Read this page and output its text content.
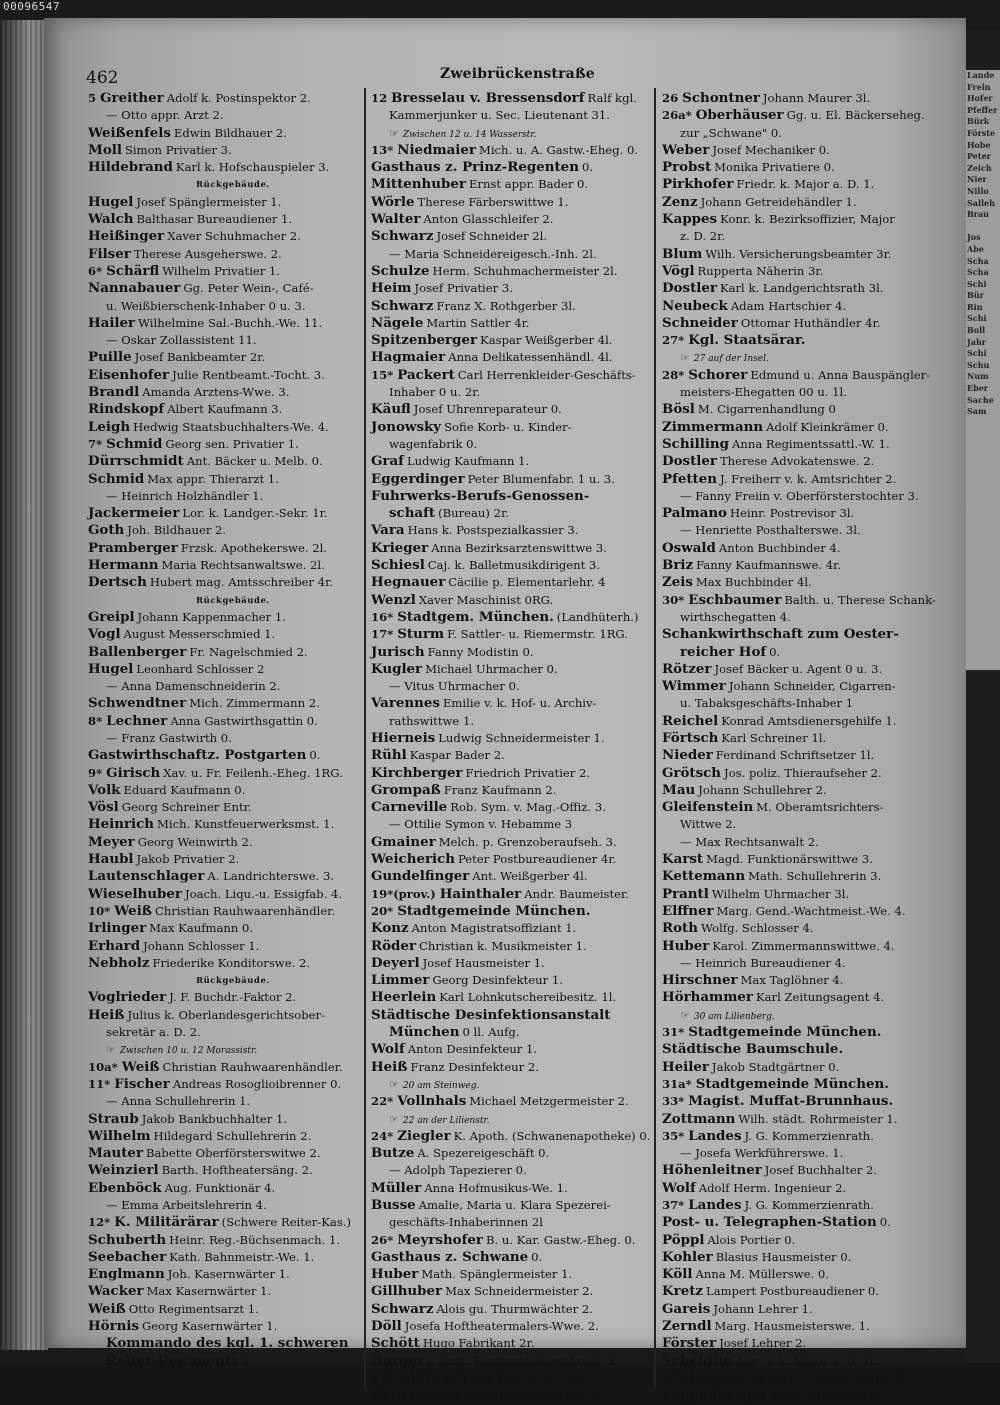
00096547
Lande
Frein
Hofer
Pfeffer
Bürk
Förste
Hobe
Peter
Zeich
Nier
Nillo
Salleh
Brau
Jos
Abe
Scha
Scha
Schi
Bür
Rin
Schi
Boll
Jahr
Schi
Schu
Num
Eber
Sache
Sam
462	Zweibrückenstraße
5 Greither Adolf k. Postinspektor 2.
— Otto appr. Arzt 2.
Weißenfels Edwin Bildhauer 2.
Moll Simon Privatier 3.
Hildebrand Karl k. Hofschauspieler 3.
Rückgebäude.
Hugel Josef Spänglermeister 1.
Walch Balthasar Bureaudiener 1.
Heißinger Xaver Schuhmacher 2.
Filser Therese Ausgeherswe. 2.
6* Schärfl Wilhelm Privatier 1.
Nannabauer Gg. Peter Wein-, Café-
u. Weißbierschenk-Inhaber 0 u. 3.
Hailer Wilhelmine Sal.-Buchh.-We. 11.
— Oskar Zollassistent 11.
Puille Josef Bankbeamter 2r.
Eisenhofer Julie Rentbeamt.-Tocht. 3.
Brandl Amanda Arztens-Wwe. 3.
Rindskopf Albert Kaufmann 3.
Leigh Hedwig Staatsbuchhalters-We. 4.
7* Schmid Georg sen. Privatier 1.
Dürrschmidt Ant. Bäcker u. Melb. 0.
Schmid Max appr. Thierarzt 1.
— Heinrich Holzhändler 1.
Jackermeier Lor. k. Landger.-Sekr. 1r.
Goth Joh. Bildhauer 2.
Pramberger Frzsk. Apothekerswe. 2l.
Hermann Maria Rechtsanwaltswe. 2l.
Dertsch Hubert mag. Amtsschreiber 4r.
Rückgebäude.
Greipl Johann Kappenmacher 1.
Vogl August Messerschmied 1.
Ballenberger Fr. Nagelschmied 2.
Hugel Leonhard Schlosser 2
— Anna Damenschneiderin 2.
Schwendtner Mich. Zimmermann 2.
8* Lechner Anna Gastwirthsgattin 0.
— Franz Gastwirth 0.
Gastwirthschaftz. Postgarten 0.
9* Girisch Xav. u. Fr. Feilenh.-Eheg. 1RG.
Volk Eduard Kaufmann 0.
Vösl Georg Schreiner Entr.
Heinrich Mich. Kunstfeuerwerksmst. 1.
Meyer Georg Weinwirth 2.
Haubl Jakob Privatier 2.
Lautenschlager A. Landrichterswe. 3.
Wieselhuber Joach. Liqu.-u. Essigfab. 4.
10* Weiß Christian Rauhwaarenhändler.
Irlinger Max Kaufmann 0.
Erhard Johann Schlosser 1.
Nebholz Friederike Konditorswe. 2.
Rückgebäude.
Voglrieder J. F. Buchdr.-Faktor 2.
Heiß Julius k. Oberlandesgerichtsober-
sekretär a. D. 2.
☞ Zwischen 10 u. 12 Morassistr.
10a* Weiß Christian Rauhwaarenhändler.
11* Fischer Andreas Rosoglioibrenner 0.
— Anna Schullehrerin 1.
Straub Jakob Bankbuchhalter 1.
Wilhelm Hildegard Schullehrerin 2.
Mauter Babette Oberförsterswitwe 2.
Weinzierl Barth. Hoftheatersäng. 2.
Ebenböck Aug. Funktionär 4.
— Emma Arbeitslehrerin 4.
12* K. Militärärar (Schwere Reiter-Kas.)
Schuberth Heinr. Reg.-Büchsenmach. 1.
Seebacher Kath. Bahnmeistr.-We. 1.
Englmann Joh. Kasernwärter 1.
Wacker Max Kasernwärter 1.
Weiß Otto Regimentsarzt 1.
Hörnis Georg Kasernwärter 1.
Kommando des kgl. 1. schweren
Reiter-Regiments 2.
12 Bresselau v. Bressensdorf Ralf kgl.
Kammerjunker u. Sec. Lieutenant 31.
☞ Zwischen 12 u. 14 Wasserstr.
13* Niedmaier Mich. u. A. Gastw.-Eheg. 0.
Gasthaus z. Prinz-Regenten 0.
Mittenhuber Ernst appr. Bader 0.
Wörle Therese Färberswittwe 1.
Walter Anton Glasschleifer 2.
Schwarz Josef Schneider 2l.
— Maria Schneidereigesch.-Inh. 2l.
Schulze Herm. Schuhmachermeister 2l.
Heim Josef Privatier 3.
Schwarz Franz X. Rothgerber 3l.
Nägele Martin Sattler 4r.
Spitzenberger Kaspar Weißgerber 4l.
Hagmaier Anna Delikatessenhändl. 4l.
15* Packert Carl Herrenkleider-Geschäfts-
Inhaber 0 u. 2r.
Käufl Josef Uhrenreparateur 0.
Jonowsky Sofie Korb- u. Kinder-
wagenfabrik 0.
Graf Ludwig Kaufmann 1.
Eggerdinger Peter Blumenfabr. 1 u. 3.
Fuhrwerks-Berufs-Genossen-
schaft (Bureau) 2r.
Vara Hans k. Postspezialkassier 3.
Krieger Anna Bezirksarztenswittwe 3.
Schiesl Caj. k. Balletmusikdirigent 3.
Hegnauer Cäcilie p. Elementarlehr. 4
Wenzl Xaver Maschinist 0RG.
16* Stadtgem. München. (Landhüterh.)
17* Sturm F. Sattler- u. Riemermstr. 1RG.
Jurisch Fanny Modistin 0.
Kugler Michael Uhrmacher 0.
— Vitus Uhrmacher 0.
Varennes Emilie v. k. Hof- u. Archiv-
rathswittwe 1.
Hierneis Ludwig Schneidermeister 1.
Rühl Kaspar Bader 2.
Kirchberger Friedrich Privatier 2.
Grompaß Franz Kaufmann 2.
Carneville Rob. Sym. v. Mag.-Offiz. 3.
— Ottilie Symon v. Hebamme 3
Gmainer Melch. p. Grenzoberaufseh. 3.
Weicherich Peter Postbureaudiener 4r.
Gundelfinger Ant. Weißgerber 4l.
19*(prov.) Hainthaler Andr. Baumeister.
20* Stadtgemeinde München.
Konz Anton Magistratsoffiziant 1.
Röder Christian k. Musikmeister 1.
Deyerl Josef Hausmeister 1.
Limmer Georg Desinfekteur 1.
Heerlein Karl Lohnkutschereibesitz. 1l.
Städtische Desinfektionsanstalt
München 0 ll. Aufg.
Wolf Anton Desinfekteur 1.
Heiß Franz Desinfekteur 2.
☞ 20 am Steinweg.
22* Vollnhals Michael Metzgermeister 2.
☞ 22 an der Lilienstr.
24* Ziegler K. Apoth. (Schwanenapotheke) 0.
Butze A. Spezereigeschäft 0.
— Adolph Tapezierer 0.
Müller Anna Hofmusikus-We. 1.
Busse Amalie, Maria u. Klara Spezerei-
geschäfts-Inhaberinnen 2l
26* Meyrshofer B. u. Kar. Gastw.-Eheg. 0.
Gasthaus z. Schwane 0.
Huber Math. Spänglermeister 1.
Gillhuber Max Schneidermeister 2.
Schwarz Alois gu. Thurmwächter 2.
Döll Josefa Hoftheatermalers-Wwe. 2.
Schött Hugo Fabrikant 2r.
Burger J. fürst. Rentamtsoberschreib. 3.
Steinbrecher Joh. Eisendreher 3.
Keller Ursula Wachtmeisters-Wwe. 3r.
26 Schontner Johann Maurer 3l.
26a* Oberhäuser Gg. u. El. Bäckerseheg.
zur „Schwane" 0.
Weber Josef Mechaniker 0.
Probst Monika Privatiere 0.
Pirkhofer Friedr. k. Major a. D. 1.
Zenz Johann Getreidehändler 1.
Kappes Konr. k. Bezirksoffizier, Major
z. D. 2r.
Blum Wilh. Versicherungsbeamter 3r.
Vögl Rupperta Näherin 3r.
Dostler Karl k. Landgerichtsrath 3l.
Neubeck Adam Hartschier 4.
Schneider Ottomar Huthändler 4r.
27* Kgl. Staatsärar.
☞ 27 auf der Insel.
28* Schorer Edmund u. Anna Bauspängler-
meisters-Ehegatten 00 u. 1l.
Bösl M. Cigarrenhandlung 0
Zimmermann Adolf Kleinkrämer 0.
Schilling Anna Regimentssattl.-W. 1.
Dostler Therese Advokatenswe. 2.
Pfetten J. Freiherr v. k. Amtsrichter 2.
— Fanny Freiin v. Oberförsterstochter 3.
Palmano Heinr. Postrevisor 3l.
— Henriette Posthalterswe. 3l.
Oswald Anton Buchbinder 4.
Briz Fanny Kaufmannswe. 4r.
Zeis Max Buchbinder 4l.
30* Eschbaumer Balth. u. Therese Schank-
wirthschegatten 4.
Schankwirthschaft zum Oester-
reicher Hof 0.
Rötzer Josef Bäcker u. Agent 0 u. 3.
Wimmer Johann Schneider, Cigarren-
u. Tabaksgeschäfts-Inhaber 1
Reichel Konrad Amtsdienersgehilfe 1.
Förtsch Karl Schreiner 1l.
Nieder Ferdinand Schriftsetzer 1l.
Grötsch Jos. poliz. Thieraufseher 2.
Mau Johann Schullehrer 2.
Gleifenstein M. Oberamtsrichters-
Wittwe 2.
— Max Rechtsanwalt 2.
Karst Magd. Funktionärswittwe 3.
Kettemann Math. Schullehrerin 3.
Prantl Wilhelm Uhrmacher 3l.
Elffner Marg. Gend.-Wachtmeist.-We. 4.
Roth Wolfg. Schlosser 4.
Huber Karol. Zimmermannswittwe. 4.
— Heinrich Bureaudiener 4.
Hirschner Max Taglöhner 4.
Hörhammer Karl Zeitungsagent 4.
☞ 30 am Lilienberg.
31* Stadtgemeinde München.
Städtische Baumschule.
Heiler Jakob Stadtgärtner 0.
31a* Stadtgemeinde München.
33* Magist. Muffat-Brunnhaus.
Zottmann Wilh. städt. Rohrmeister 1.
35* Landes J. G. Kommerzienrath.
— Josefa Werkführerswe. 1.
Höhenleitner Josef Buchhalter 2.
Wolf Adolf Herm. Ingenieur 2.
37* Landes J. G. Kommerzienrath.
Post- u. Telegraphen-Station 0.
Pöppl Alois Portier 0.
Kohler Blasius Hausmeister 0.
Köll Anna M. Müllerswe. 0.
Kretz Lampert Postbureaudiener 0.
Gareis Johann Lehrer 1.
Zerndl Marg. Hausmeisterswe. 1.
Förster Josef Lehrer 2.
Scheidlin Aug. v. k. Major a. D. 2r.
Bösl Magdalena Cigarrengeschft.-Inh. 3.
Pappenberger Math. Privatiere 3.
